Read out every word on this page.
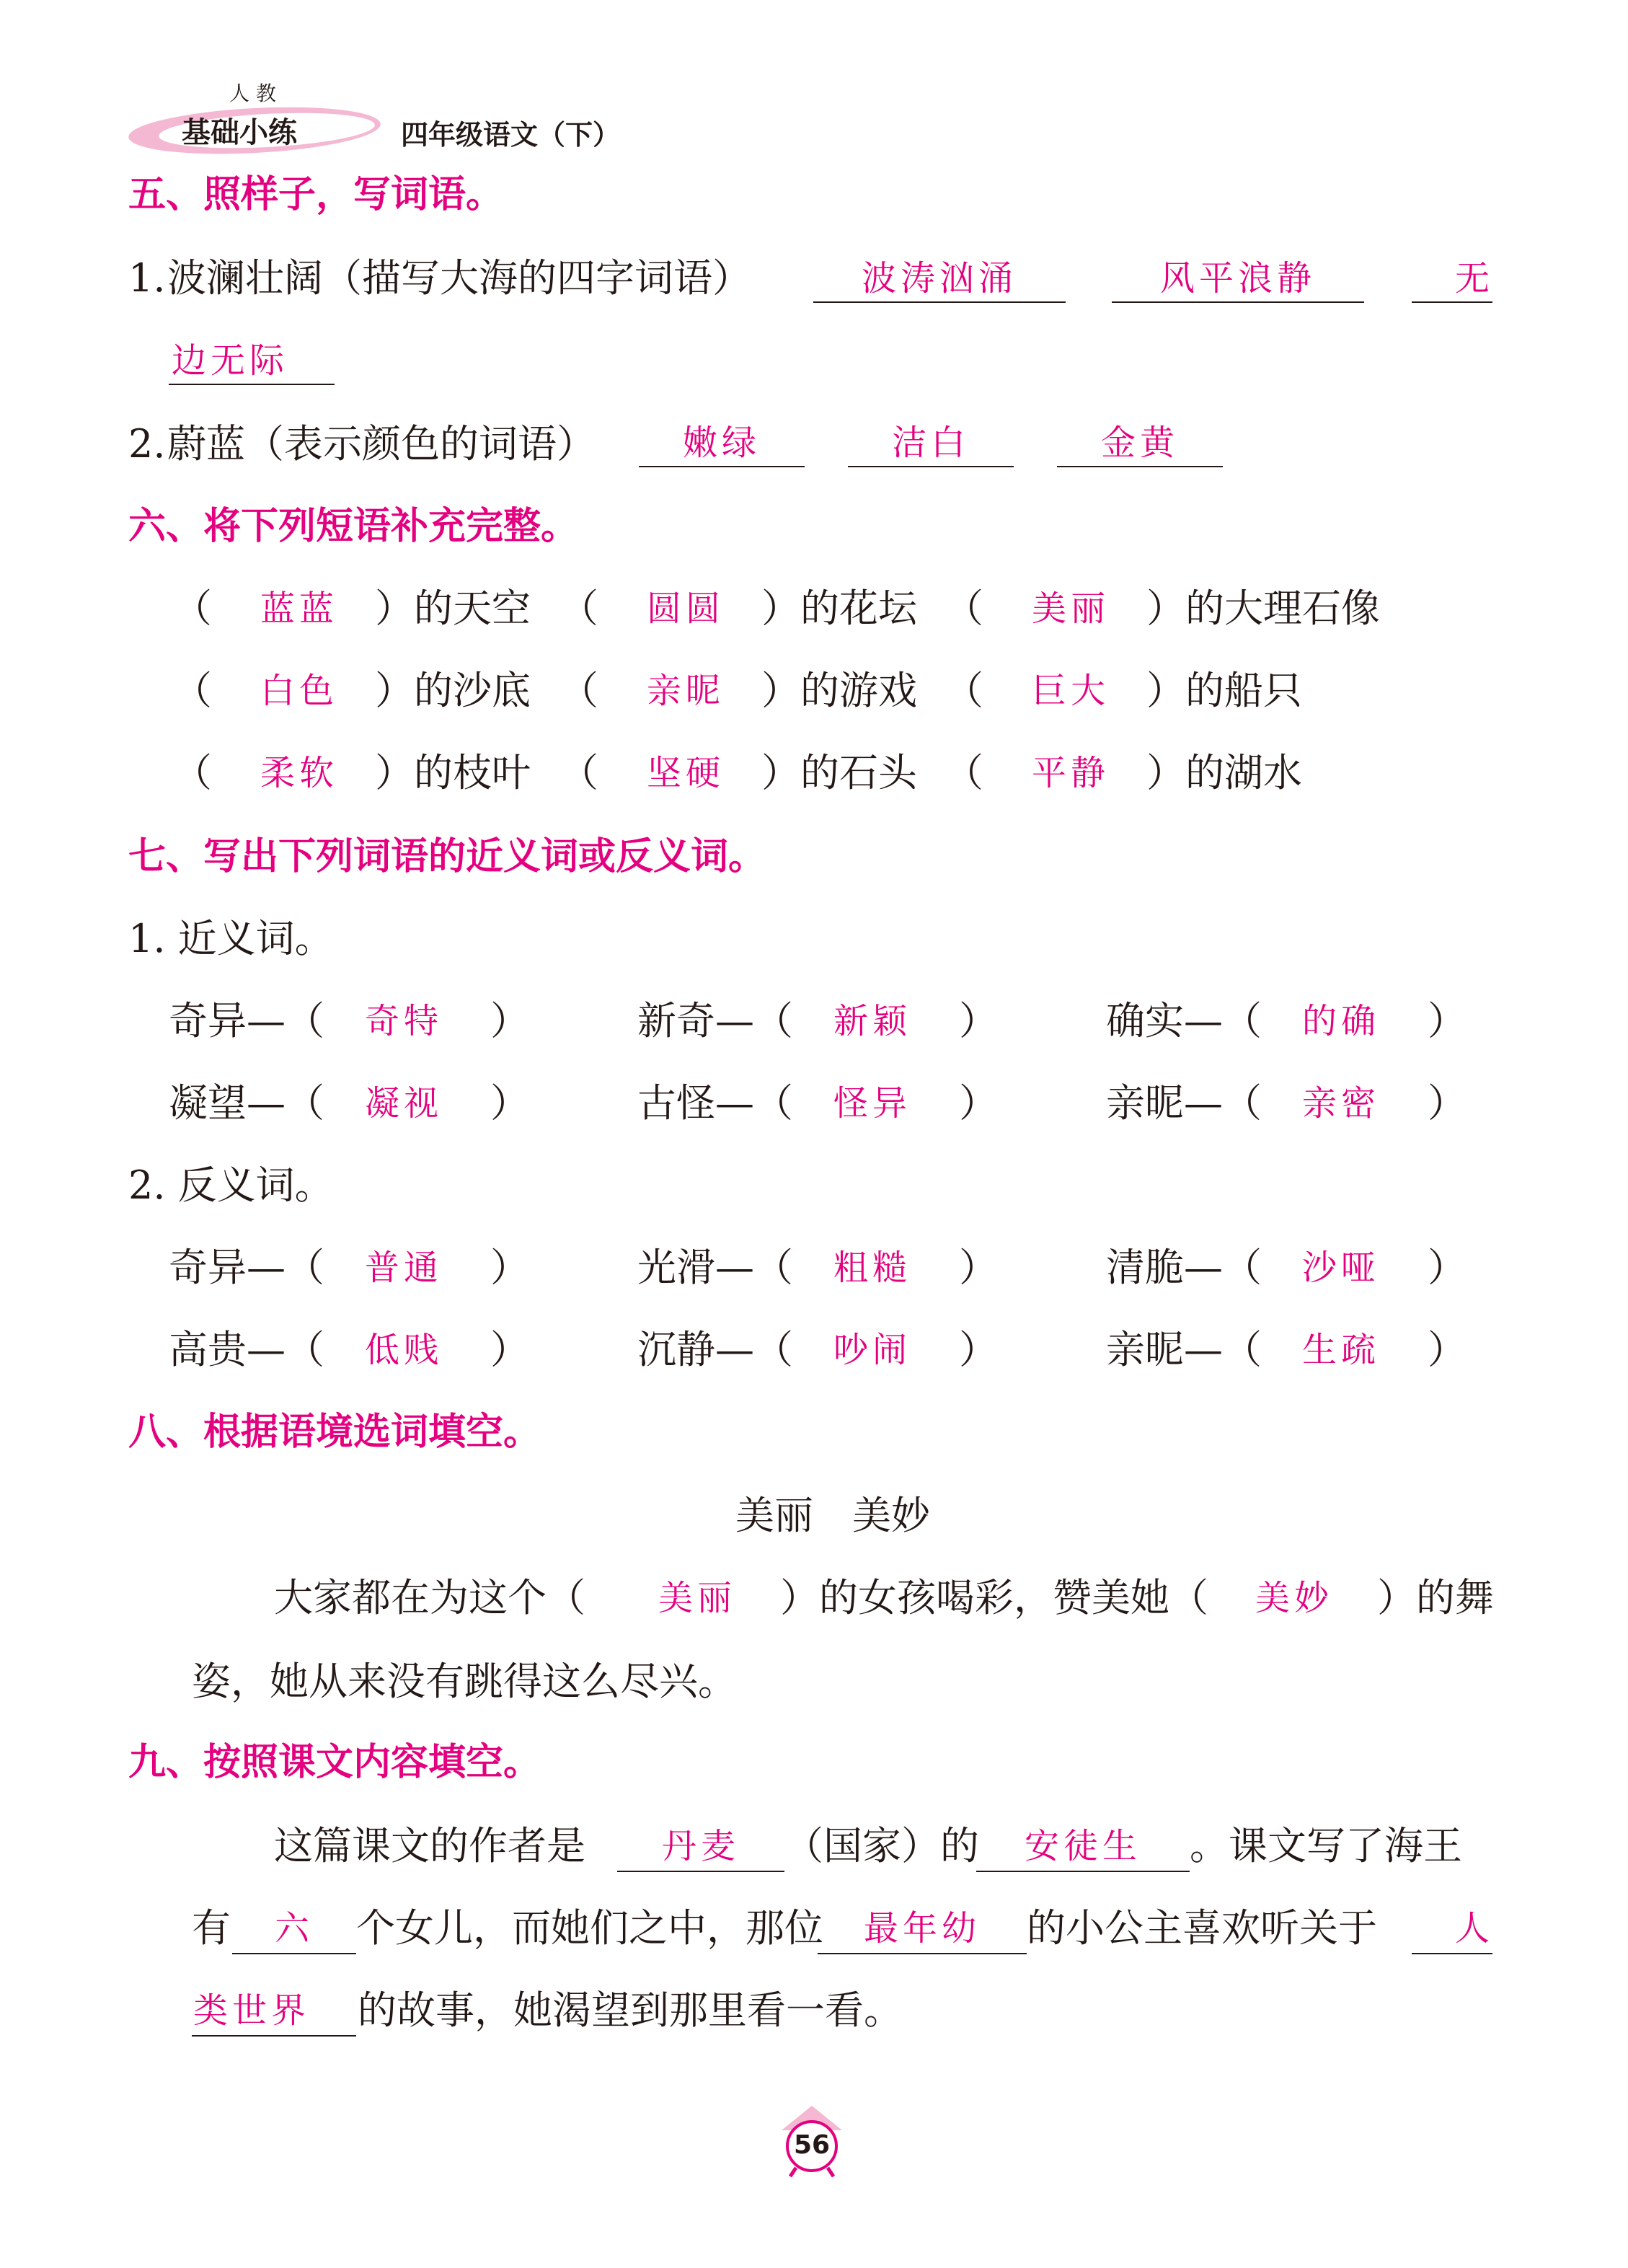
人 教
基础小练	四年级语文（下）
五、照样子，写词语。
1. 波澜壮阔（描写大海的四字词语）	波涛汹涌	风平浪静	无
边无际
2. 蔚蓝（表示颜色的词语）	嫩绿	洁白	金黄
六、将下列短语补充完整。
（	蓝蓝 ）的天空 （	圆圆 ）的花坛 （	美丽 ）的大理石像
（	白色 ）的沙底 （	亲昵 ）的游戏 （	巨大 ）的船只
（	柔软 ）的枝叶 （	坚硬 ）的石头 （	平静 ）的湖水
七、写出下列词语的近义词或反义词。
1. 近义词。
奇异—（	奇特	）	新奇—（	新颖	）	确实—（	的确	）
凝望—（	凝视	）	古怪—（	怪异	）	亲昵—（	亲密	）
2. 反义词。
奇异—（	普通	）	光滑—（	粗糙	）	清脆—（	沙哑	）
高贵—（	低贱	）	沉静—（	吵闹	）	亲昵—（	生疏	）
八、根据语境选词填空。
美丽　美妙
大家都在为这个（	美丽	）的女孩喝彩，赞美她（	美妙	）的舞
姿，她从来没有跳得这么尽兴。
九、按照课文内容填空。
这篇课文的作者是	丹麦	（国家）的	安徒生	。课文写了海王
有	六	个女儿，而她们之中，那位	最年幼	的小公主喜欢听关于 人
类世界 的故事，她渴望到那里看一看。
56
